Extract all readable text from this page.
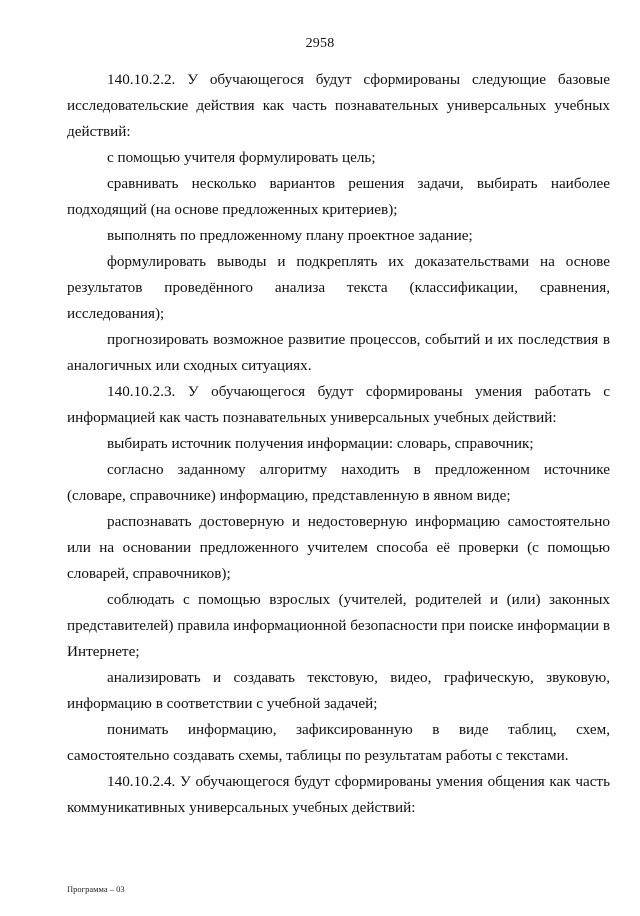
2958

140.10.2.2. У обучающегося будут сформированы следующие базовые исследовательские действия как часть познавательных универсальных учебных действий:

с помощью учителя формулировать цель;

сравнивать несколько вариантов решения задачи, выбирать наиболее подходящий (на основе предложенных критериев);

выполнять по предложенному плану проектное задание;

формулировать выводы и подкреплять их доказательствами на основе результатов проведённого анализа текста (классификации, сравнения, исследования);

прогнозировать возможное развитие процессов, событий и их последствия в аналогичных или сходных ситуациях.

140.10.2.3. У обучающегося будут сформированы умения работать с информацией как часть познавательных универсальных учебных действий:

выбирать источник получения информации: словарь, справочник;

согласно заданному алгоритму находить в предложенном источнике (словаре, справочнике) информацию, представленную в явном виде;

распознавать достоверную и недостоверную информацию самостоятельно или на основании предложенного учителем способа её проверки (с помощью словарей, справочников);

соблюдать с помощью взрослых (учителей, родителей и (или) законных представителей) правила информационной безопасности при поиске информации в Интернете;

анализировать и создавать текстовую, видео, графическую, звуковую, информацию в соответствии с учебной задачей;

понимать информацию, зафиксированную в виде таблиц, схем, самостоятельно создавать схемы, таблицы по результатам работы с текстами.

140.10.2.4. У обучающегося будут сформированы умения общения как часть коммуникативных универсальных учебных действий:

Программа – 03
